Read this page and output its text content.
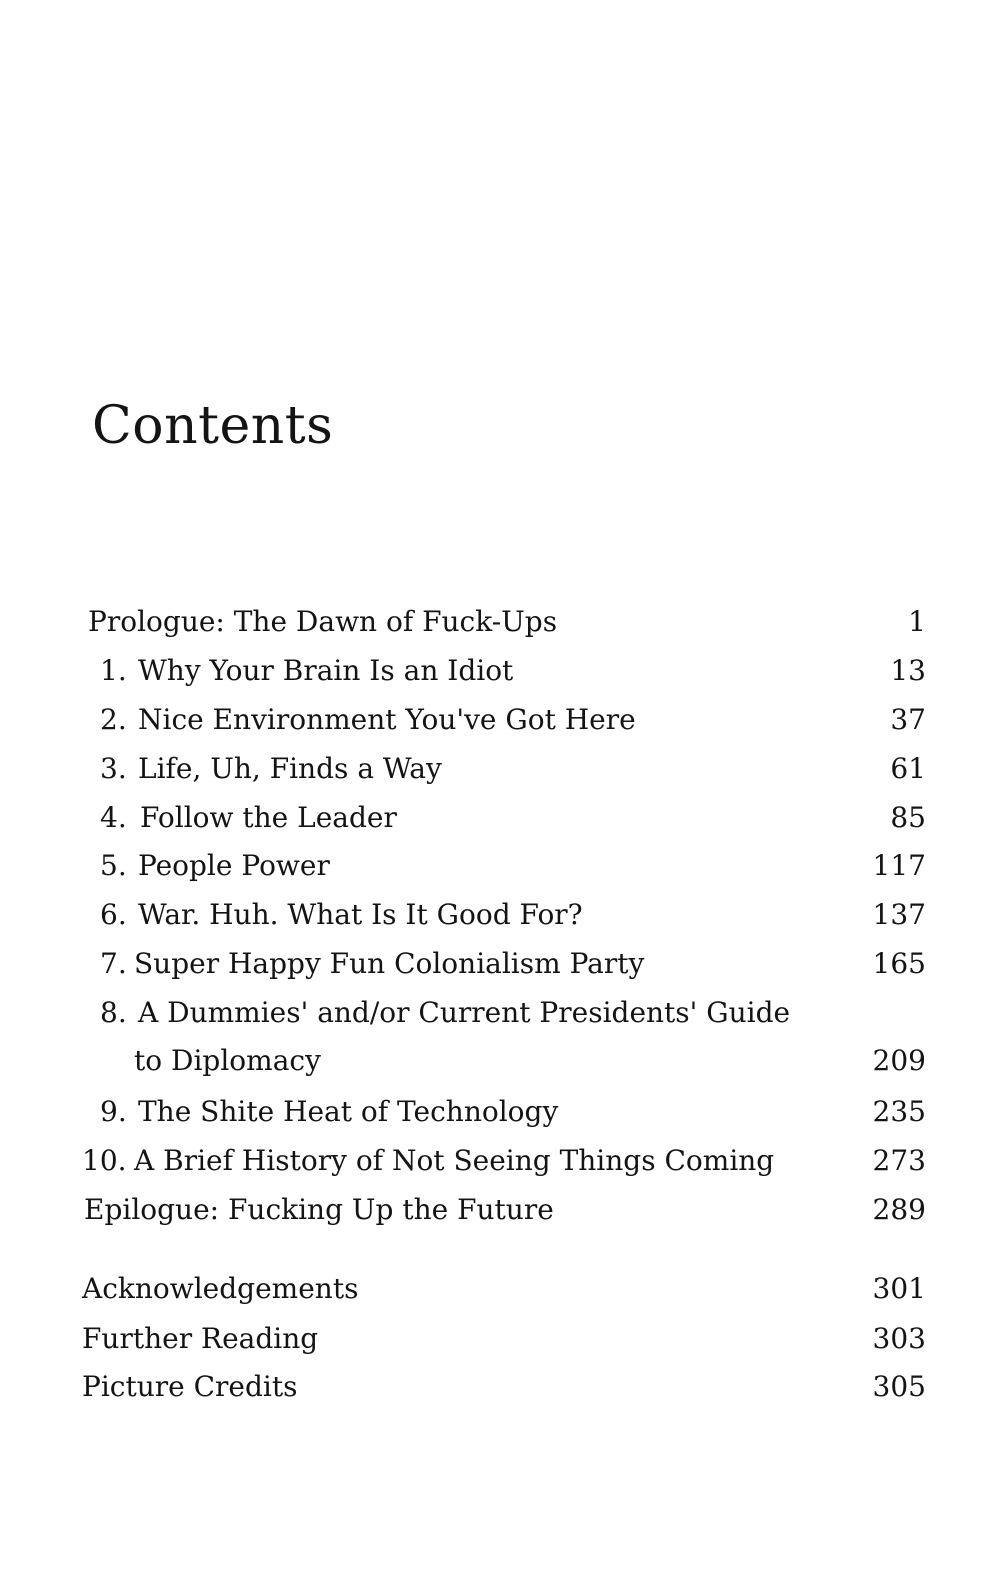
Contents
Prologue: The Dawn of Fuck-Ups	1
1. Why Your Brain Is an Idiot	13
2. Nice Environment You've Got Here	37
3. Life, Uh, Finds a Way	61
4. Follow the Leader	85
5. People Power	117
6. War. Huh. What Is It Good For?	137
7. Super Happy Fun Colonialism Party	165
8. A Dummies' and/or Current Presidents' Guide
to Diplomacy	209
9. The Shite Heat of Technology	235
10. A Brief History of Not Seeing Things Coming	273
Epilogue: Fucking Up the Future	289
Acknowledgements	301
Further Reading	303
Picture Credits	305
